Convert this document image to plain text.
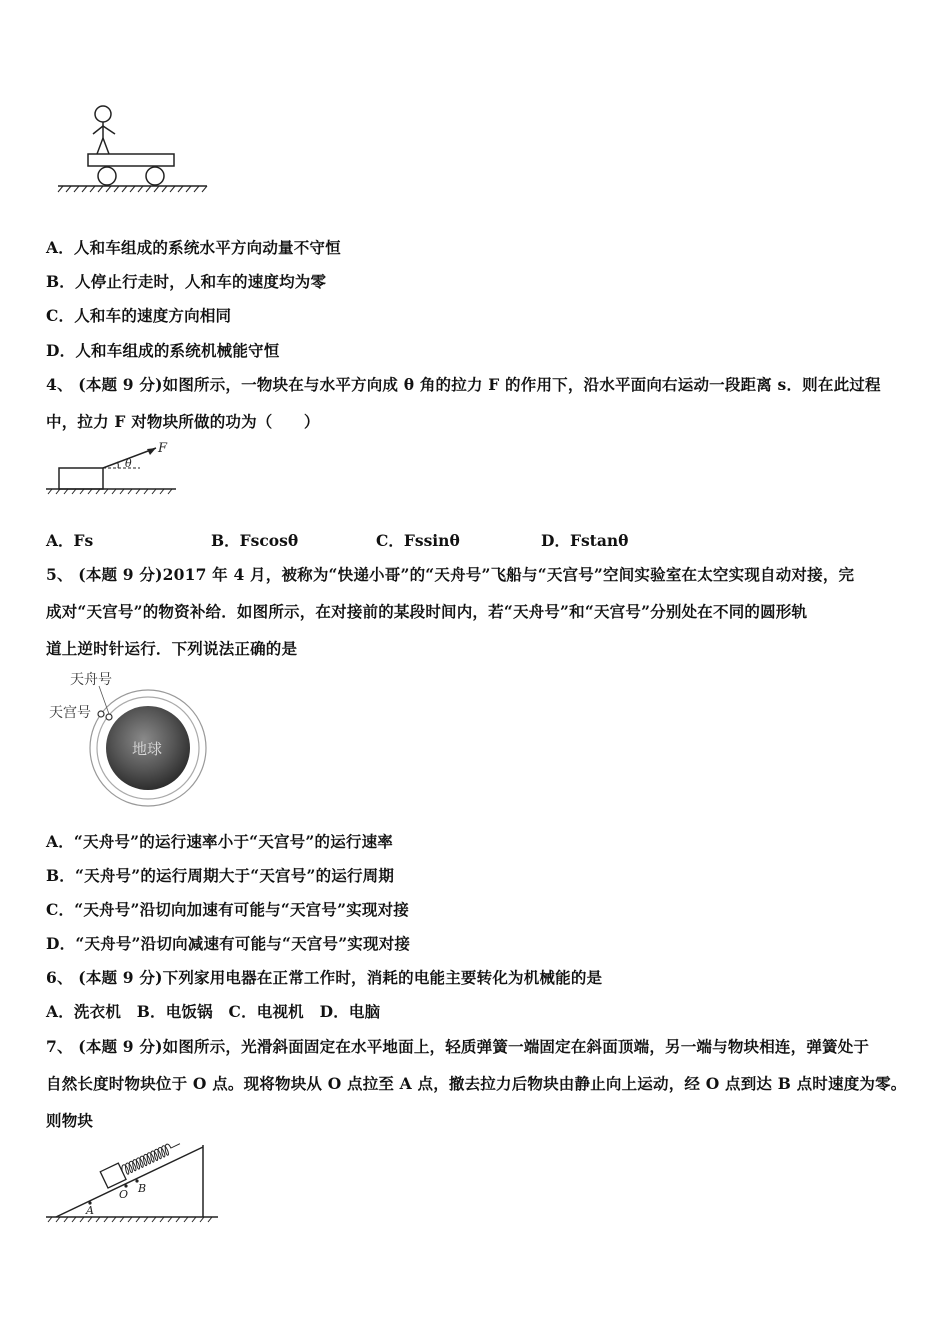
A．人和车组成的系统水平方向动量不守恒
B．人停止行走时，人和车的速度均为零
C．人和车的速度方向相同
D．人和车组成的系统机械能守恒
4、 (本题 9 分)如图所示，一物块在与水平方向成 θ 角的拉力 F 的作用下，沿水平面向右运动一段距离 s．则在此过程
中，拉力 F 对物块所做的功为（　　）
F
θ
A．Fs	B．Fscosθ	C．Fssinθ	D．Fstanθ
5、 (本题 9 分)2017 年 4 月，被称为“快递小哥”的“天舟号”飞船与“天宫号”空间实验室在太空实现自动对接，完
成对“天宫号”的物资补给．如图所示，在对接前的某段时间内，若“天舟号”和“天宫号”分别处在不同的圆形轨
道上逆时针运行．下列说法正确的是
地球
天舟号
天宫号
A．“天舟号”的运行速率小于“天宫号”的运行速率
B．“天舟号”的运行周期大于“天宫号”的运行周期
C．“天舟号”沿切向加速有可能与“天宫号”实现对接
D．“天舟号”沿切向减速有可能与“天宫号”实现对接
6、 (本题 9 分)下列家用电器在正常工作时，消耗的电能主要转化为机械能的是
A．洗衣机　B．电饭锅　C．电视机　D．电脑
7、 (本题 9 分)如图所示，光滑斜面固定在水平地面上，轻质弹簧一端固定在斜面顶端，另一端与物块相连，弹簧处于
自然长度时物块位于 O 点。现将物块从 O 点拉至 A 点，撤去拉力后物块由静止向上运动，经 O 点到达 B 点时速度为零。
则物块
A
O B
